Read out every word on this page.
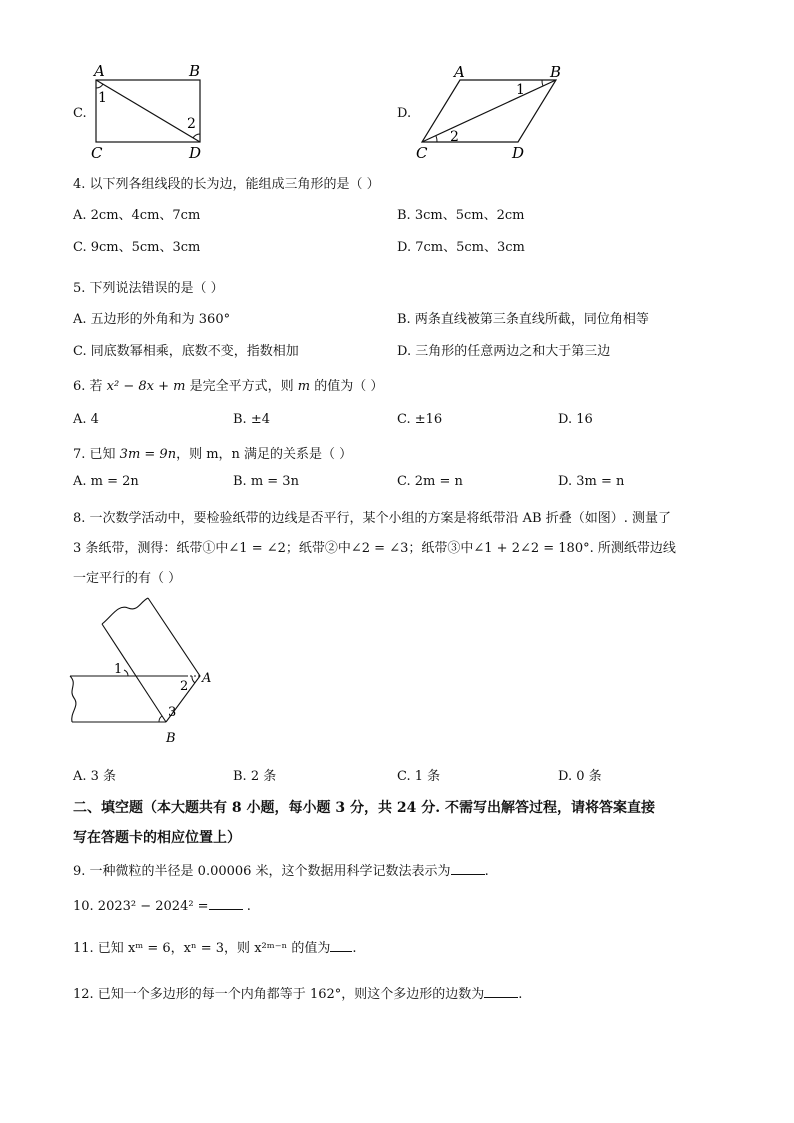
C.
A	B
C	D
1
2
D.
A	B
C	D
1
2
4. 以下列各组线段的长为边，能组成三角形的是（ ）
A. 2cm、4cm、7cm	B. 3cm、5cm、2cm
C. 9cm、5cm、3cm	D. 7cm、5cm、3cm
5. 下列说法错误的是（ ）
A. 五边形的外角和为 360°	B. 两条直线被第三条直线所截，同位角相等
C. 同底数幂相乘，底数不变，指数相加	D. 三角形的任意两边之和大于第三边
6. 若 x² − 8x + m 是完全平方式，则 m 的值为（ ）
A. 4	B. ±4	C. ±16	D. 16
7. 已知 3m = 9n，则 m，n 满足的关系是（ ）
A. m = 2n	B. m = 3n	C. 2m = n	D. 3m = n
8. 一次数学活动中，要检验纸带的边线是否平行，某个小组的方案是将纸带沿 AB 折叠（如图）. 测量了
3 条纸带，测得：纸带①中∠1 = ∠2；纸带②中∠2 = ∠3；纸带③中∠1 + 2∠2 = 180°. 所测纸带边线
一定平行的有（ ）
1
2
3
A
B
A. 3 条	B. 2 条	C. 1 条	D. 0 条
二、填空题（本大题共有 8 小题，每小题 3 分，共 24 分. 不需写出解答过程，请将答案直接
写在答题卡的相应位置上）
9. 一种微粒的半径是 0.00006 米，这个数据用科学记数法表示为	.
10. 2023² − 2024² =	.
11. 已知 xᵐ = 6，xⁿ = 3，则 x²ᵐ⁻ⁿ 的值为 .
12. 已知一个多边形的每一个内角都等于 162°，则这个多边形的边数为	.
